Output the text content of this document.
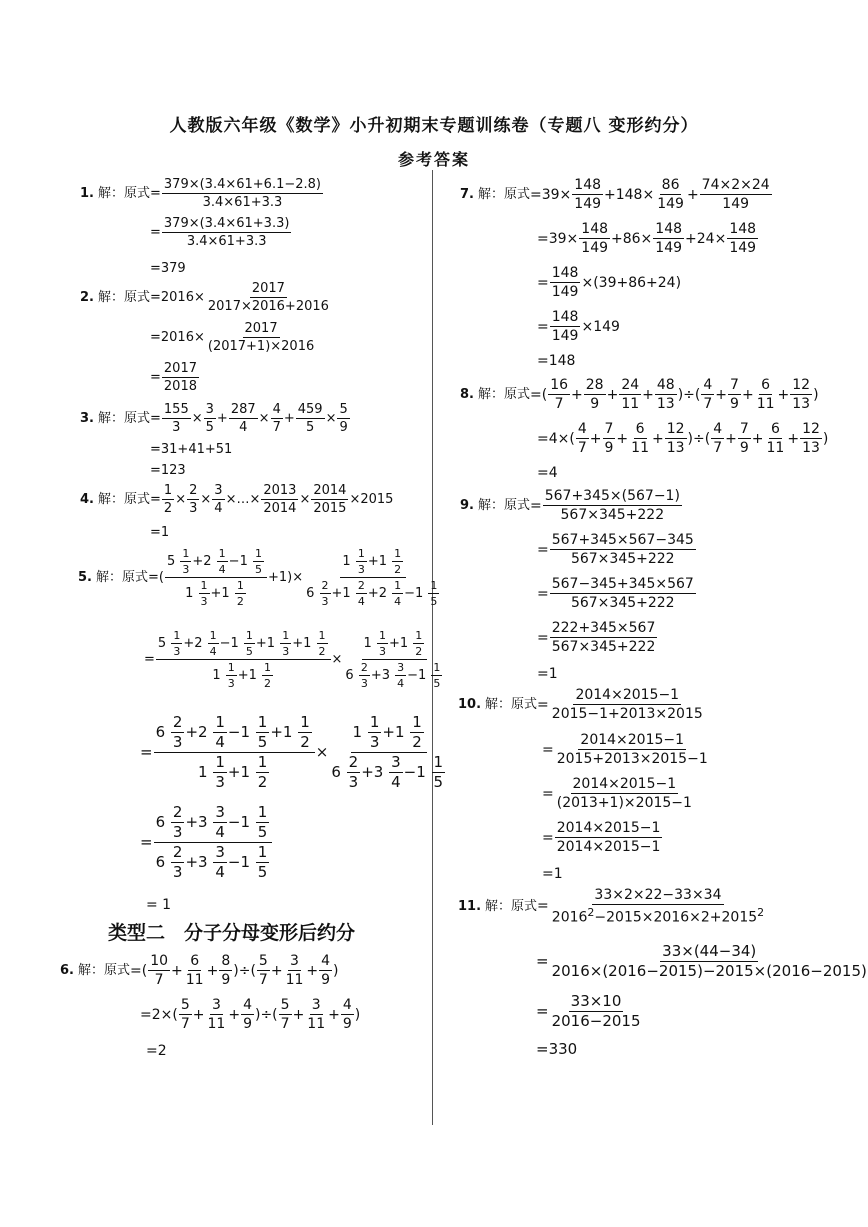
人教版六年级《数学》小升初期末专题训练卷（专题八 变形约分）
参考答案
1. 解：原式 = $\frac{379\times(3.4\times 61+6.1-2.8)}{3.4\times 61+3.3}$
= $\frac{379\times(3.4\times 61+3.3)}{3.4\times 61+3.3}$
=379
2. 解：原式 $=2016\times \frac{2017}{2017\times 2016+2016}$
$=2016\times \frac{2017}{(2017+1)\times 2016}$
= $\frac{2017}{2018}$
3. 解：原式 = $\frac{155}{3} \times \frac{3}{5} + \frac{287}{4} \times \frac{4}{7} + \frac{459}{5} \times \frac{5}{9}$
=31+41+51
=123
4. 解：原式 = $\frac{1}{2} \times \frac{2}{3} \times \frac{3}{4}$ ×…× $\frac{2013}{2014} \times \frac{2014}{2015} \times 2015$
=1
5. 解：原式 =( $\frac{5 \frac{1}{3} +2 \frac{1}{4} -1 \frac{1}{5}}{1 \frac{1}{3} +1 \frac{1}{2}} +1)\times \frac{1 \frac{1}{3} +1 \frac{1}{2}}{6 \frac{2}{3} +1 \frac{2}{4} +2 \frac{1}{4} -1 \frac{1}{5}}$
= $\frac{5 \frac{1}{3} +2 \frac{1}{4} -1 \frac{1}{5} +1 \frac{1}{3} +1 \frac{1}{2}}{1 \frac{1}{3} +1 \frac{1}{2}} \times \frac{1 \frac{1}{3} +1 \frac{1}{2}}{6 \frac{2}{3} +3 \frac{3}{4} -1 \frac{1}{5}}$
= $\frac{6 \frac{2}{3} +2 \frac{1}{4} -1 \frac{1}{5} +1 \frac{1}{2}}{1 \frac{1}{3} +1 \frac{1}{2}} \times \frac{1 \frac{1}{3} +1 \frac{1}{2}}{6 \frac{2}{3} +3 \frac{3}{4} -1 \frac{1}{5}}$
= $\frac{6 \frac{2}{3} +3 \frac{3}{4} -1 \frac{1}{5}}{6 \frac{2}{3} +3 \frac{3}{4} -1 \frac{1}{5}}$
= 1
类型二　分子分母变形后约分
6. 解：原式 =( $\frac{10}{7} + \frac{6}{11} + \frac{8}{9}$ )÷( $\frac{5}{7} + \frac{3}{11} + \frac{4}{9}$ )
$=2\times( \frac{5}{7} + \frac{3}{11} + \frac{4}{9}$ )÷( $\frac{5}{7} + \frac{3}{11} + \frac{4}{9}$ )
=2
7. 解：原式 $=39\times \frac{148}{149} +148\times \frac{86}{149} + \frac{74\times 2\times 24}{149}$
$=39\times \frac{148}{149} +86\times \frac{148}{149} +24\times \frac{148}{149}$
= $\frac{148}{149} \times(39+86+24)$
= $\frac{148}{149} \times 149$
=148
8. 解：原式 =( $\frac{16}{7} + \frac{28}{9} + \frac{24}{11} + \frac{48}{13}$ )÷( $\frac{4}{7} + \frac{7}{9} + \frac{6}{11} + \frac{12}{13}$ )
$=4\times( \frac{4}{7} + \frac{7}{9} + \frac{6}{11} + \frac{12}{13}$ )÷( $\frac{4}{7} + \frac{7}{9} + \frac{6}{11} + \frac{12}{13}$ )
=4
9. 解：原式 = $\frac{567+345\times(567-1)}{567\times 345+222}$
= $\frac{567+345\times 567-345}{567\times 345+222}$
= $\frac{567-345+345\times 567}{567\times 345+222}$
= $\frac{222+345\times 567}{567\times 345+222}$
=1
10. 解：原式 = $\frac{2014\times 2015-1}{2015-1+2013\times 2015}$
= $\frac{2014\times 2015-1}{2015+2013\times 2015-1}$
= $\frac{2014\times 2015-1}{(2013+1)\times 2015-1}$
= $\frac{2014\times 2015-1}{2014\times 2015-1}$
=1
11. 解：原式 = $\frac{33\times 2\times 22-33\times 34}{2016^2-2015\times 2016\times 2+2015^2}$
= $\frac{33\times(44-34)}{2016\times(2016-2015)-2015\times(2016-2015)}$
= $\frac{33\times 10}{2016-2015}$
=330
